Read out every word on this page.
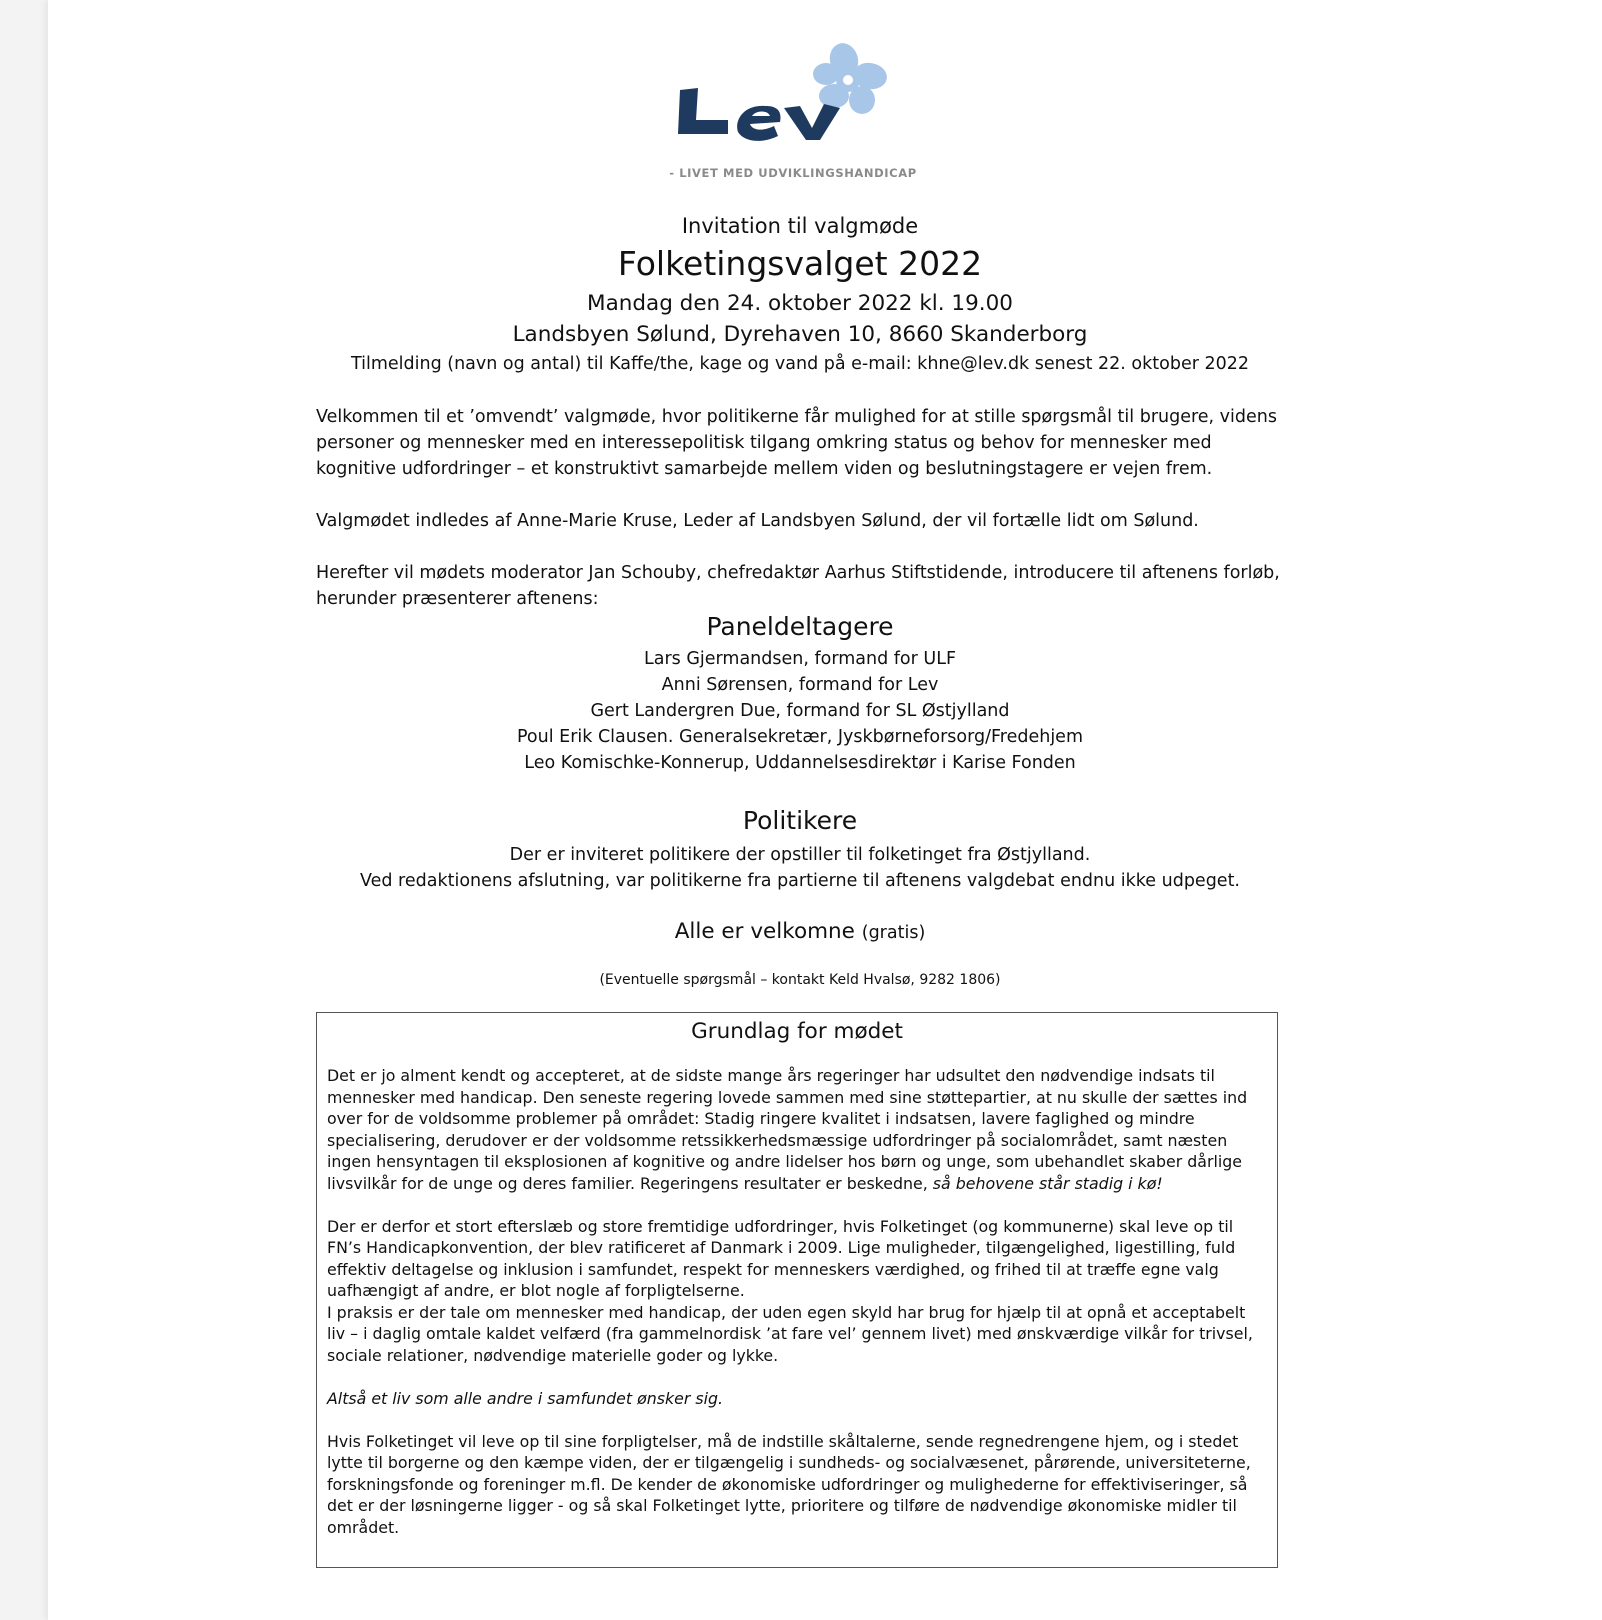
- LIVET MED UDVIKLINGSHANDICAP
Invitation til valgmøde
Folketingsvalget 2022
Mandag den 24. oktober 2022 kl. 19.00
Landsbyen Sølund, Dyrehaven 10, 8660 Skanderborg
Tilmelding (navn og antal) til Kaffe/the, kage og vand på e-mail: khne@lev.dk senest 22. oktober 2022
Velkommen til et ’omvendt’ valgmøde, hvor politikerne får mulighed for at stille spørgsmål til brugere, videns personer og mennesker med en interessepolitisk tilgang omkring status og behov for mennesker med kognitive udfordringer – et konstruktivt samarbejde mellem viden og beslutningstagere er vejen frem.
Valgmødet indledes af Anne-Marie Kruse, Leder af Landsbyen Sølund, der vil fortælle lidt om Sølund.
Herefter vil mødets moderator Jan Schouby, chefredaktør Aarhus Stiftstidende, introducere til aftenens forløb, herunder præsenterer aftenens:
Paneldeltagere
Lars Gjermandsen, formand for ULF
Anni Sørensen, formand for Lev
Gert Landergren Due, formand for SL Østjylland
Poul Erik Clausen. Generalsekretær, Jyskbørneforsorg/Fredehjem
Leo Komischke-Konnerup, Uddannelsesdirektør i Karise Fonden
Politikere
Der er inviteret politikere der opstiller til folketinget fra Østjylland.
Ved redaktionens afslutning, var politikerne fra partierne til aftenens valgdebat endnu ikke udpeget.
Alle er velkomne (gratis)
(Eventuelle spørgsmål – kontakt Keld Hvalsø, 9282 1806)
Grundlag for mødet

Det er jo alment kendt og accepteret, at de sidste mange års regeringer har udsultet den nødvendige indsats til mennesker med handicap. Den seneste regering lovede sammen med sine støttepartier, at nu skulle der sættes ind over for de voldsomme problemer på området: Stadig ringere kvalitet i indsatsen, lavere faglighed og mindre specialisering, derudover er der voldsomme retssikkerhedsmæssige udfordringer på socialområdet, samt næsten ingen hensyntagen til eksplosionen af kognitive og andre lidelser hos børn og unge, som ubehandlet skaber dårlige livsvilkår for de unge og deres familier. Regeringens resultater er beskedne, så behovene står stadig i kø!

Der er derfor et stort efterslæb og store fremtidige udfordringer, hvis Folketinget (og kommunerne) skal leve op til FN’s Handicapkonvention, der blev ratificeret af Danmark i 2009. Lige muligheder, tilgængelighed, ligestilling, fuld effektiv deltagelse og inklusion i samfundet, respekt for menneskers værdighed, og frihed til at træffe egne valg uafhængigt af andre, er blot nogle af forpligtelserne.

I praksis er der tale om mennesker med handicap, der uden egen skyld har brug for hjælp til at opnå et acceptabelt liv – i daglig omtale kaldet velfærd (fra gammelnordisk ’at fare vel’ gennem livet) med ønskværdige vilkår for trivsel, sociale relationer, nødvendige materielle goder og lykke.

Altså et liv som alle andre i samfundet ønsker sig.

Hvis Folketinget vil leve op til sine forpligtelser, må de indstille skåltalerne, sende regnedrengene hjem, og i stedet lytte til borgerne og den kæmpe viden, der er tilgængelig i sundheds- og socialvæsenet, pårørende, universiteterne, forskningsfonde og foreninger m.fl. De kender de økonomiske udfordringer og mulighederne for effektiviseringer, så det er der løsningerne ligger - og så skal Folketinget lytte, prioritere og tilføre de nødvendige økonomiske midler til området.
